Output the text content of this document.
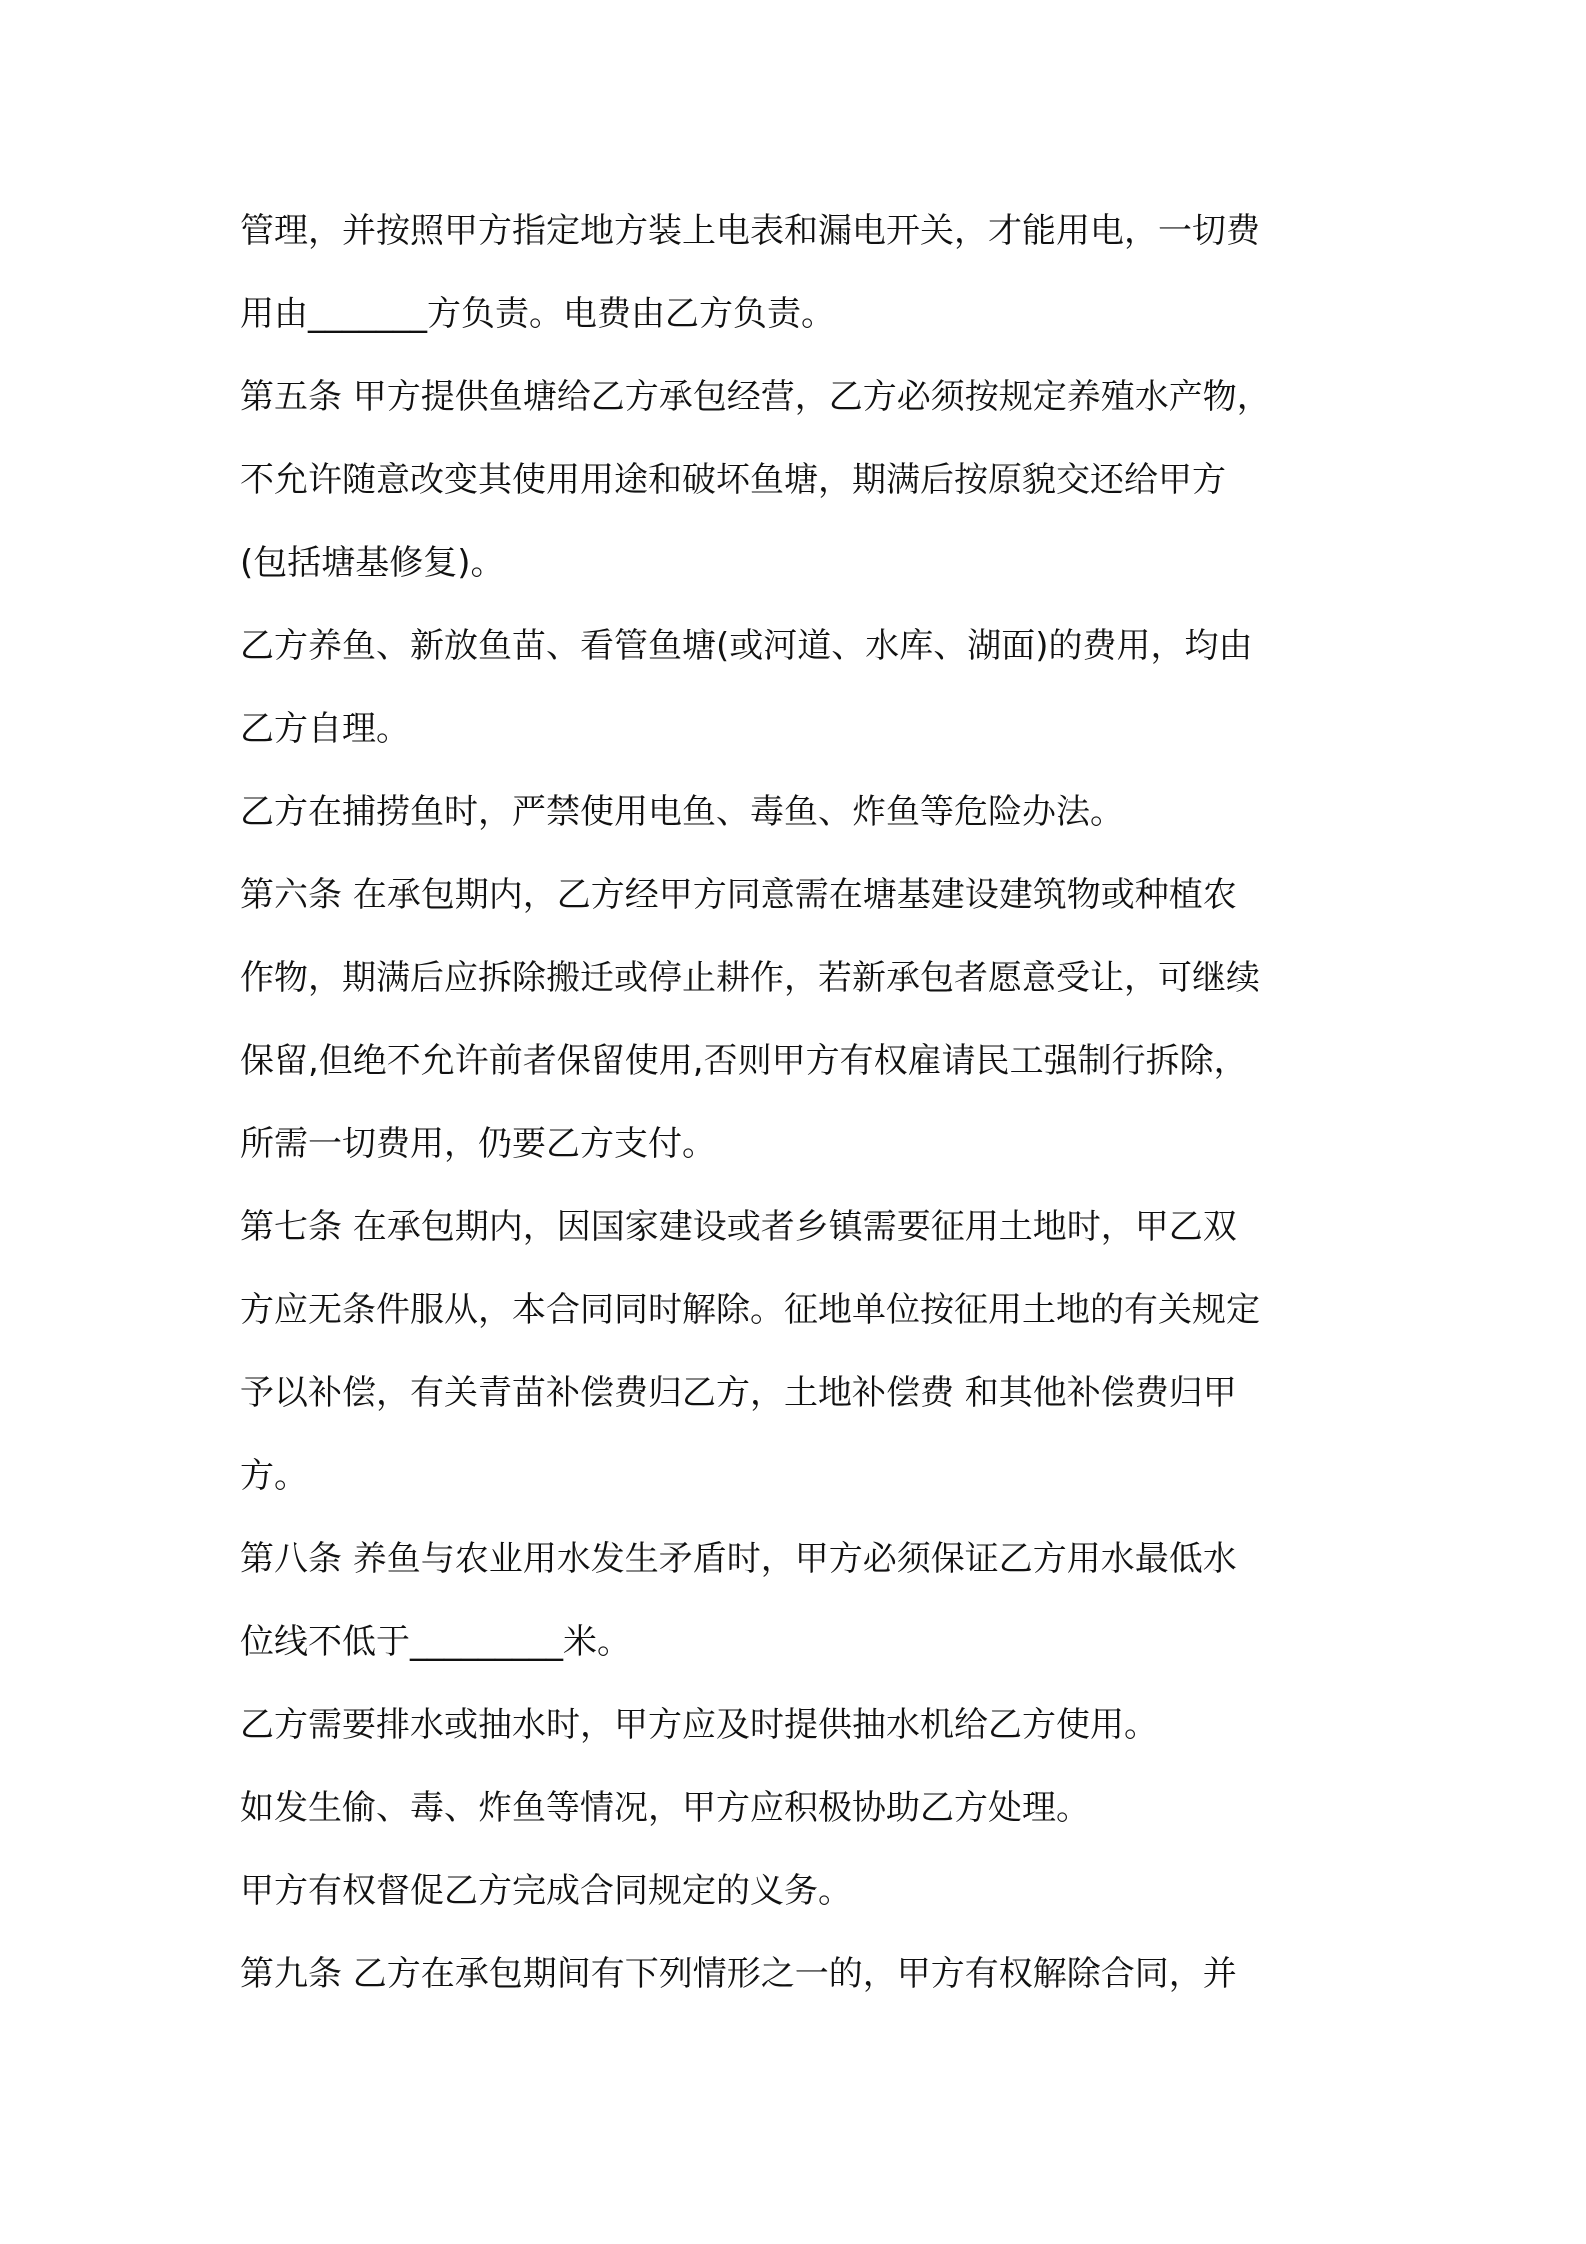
管理，并按照甲方指定地方装上电表和漏电开关，才能用电，一切费
用由_______方负责。电费由乙方负责。
第五条 甲方提供鱼塘给乙方承包经营，乙方必须按规定养殖水产物，
不允许随意改变其使用用途和破坏鱼塘，期满后按原貌交还给甲方
(包括塘基修复)。
乙方养鱼、新放鱼苗、看管鱼塘(或河道、水库、湖面)的费用，均由
乙方自理。
乙方在捕捞鱼时，严禁使用电鱼、毒鱼、炸鱼等危险办法。
第六条 在承包期内，乙方经甲方同意需在塘基建设建筑物或种植农
作物，期满后应拆除搬迁或停止耕作，若新承包者愿意受让，可继续
保留,但绝不允许前者保留使用,否则甲方有权雇请民工强制行拆除，
所需一切费用，仍要乙方支付。
第七条 在承包期内，因国家建设或者乡镇需要征用土地时，甲乙双
方应无条件服从，本合同同时解除。征地单位按征用土地的有关规定
予以补偿，有关青苗补偿费归乙方，土地补偿费 和其他补偿费归甲
方。
第八条 养鱼与农业用水发生矛盾时，甲方必须保证乙方用水最低水
位线不低于_________米。
乙方需要排水或抽水时，甲方应及时提供抽水机给乙方使用。
如发生偷、毒、炸鱼等情况，甲方应积极协助乙方处理。
甲方有权督促乙方完成合同规定的义务。
第九条 乙方在承包期间有下列情形之一的，甲方有权解除合同，并
